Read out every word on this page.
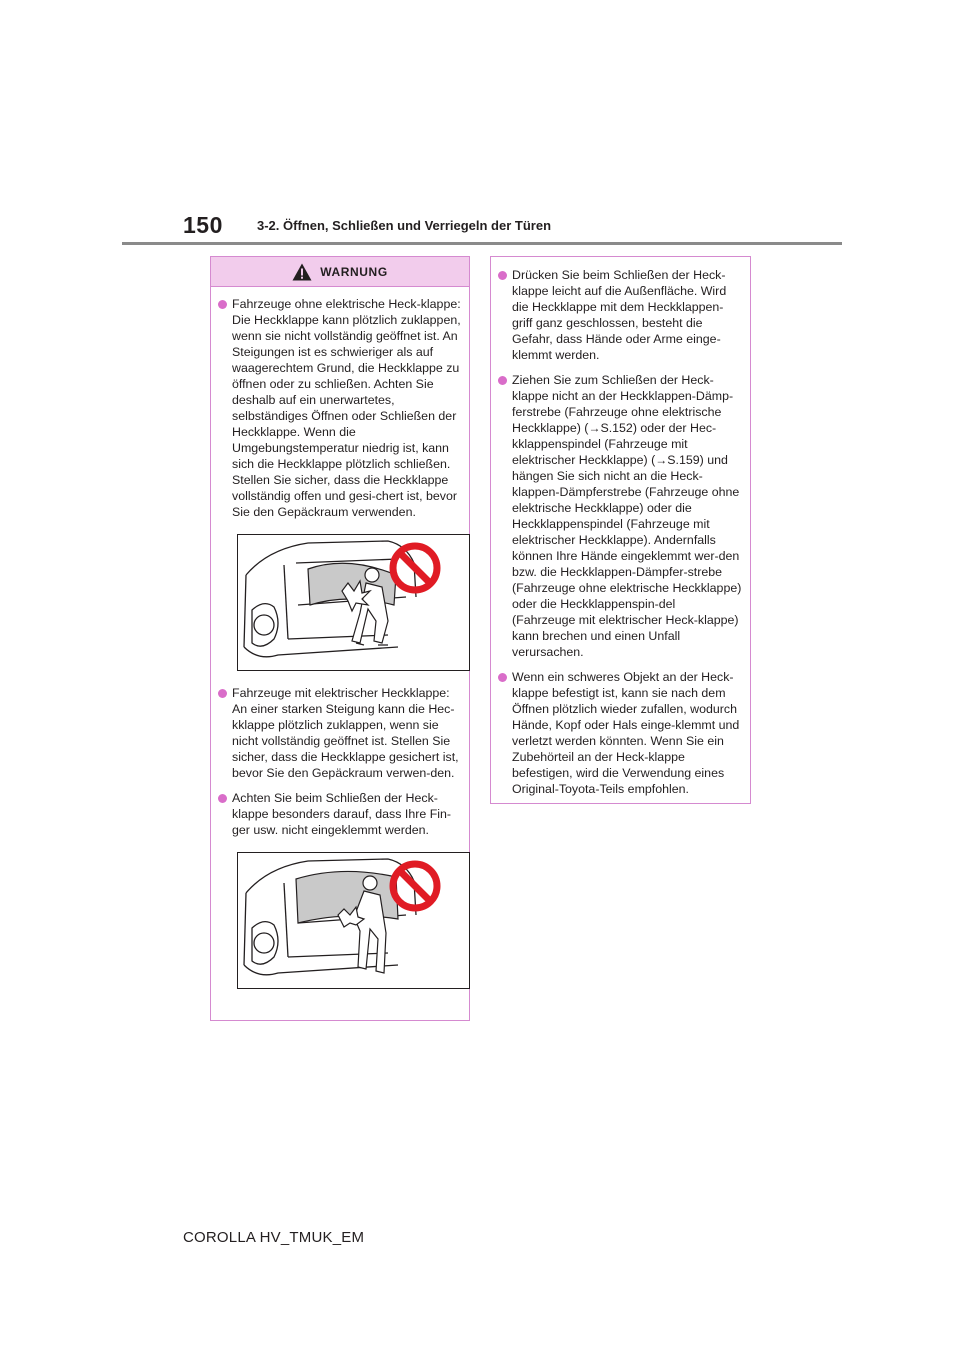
150	3-2. Öffnen, Schließen und Verriegeln der Türen
WARNUNG
Fahrzeuge ohne elektrische Heck-klappe: Die Heckklappe kann plötzlich zuklappen, wenn sie nicht vollständig geöffnet ist. An Steigungen ist es schwieriger als auf waagerechtem Grund, die Heckklappe zu öffnen oder zu schließen. Achten Sie deshalb auf ein unerwartetes, selbständiges Öffnen oder Schließen der Heckklappe. Wenn die Umgebungstemperatur niedrig ist, kann sich die Heckklappe plötzlich schließen. Stellen Sie sicher, dass die Heckklappe vollständig offen und gesi-chert ist, bevor Sie den Gepäckraum verwenden.
Fahrzeuge mit elektrischer Heckklappe: An einer starken Steigung kann die Hec-kklappe plötzlich zuklappen, wenn sie nicht vollständig geöffnet ist. Stellen Sie sicher, dass die Heckklappe gesichert ist, bevor Sie den Gepäckraum verwen-den.
Achten Sie beim Schließen der Heck-klappe besonders darauf, dass Ihre Fin-ger usw. nicht eingeklemmt werden.
Drücken Sie beim Schließen der Heck-klappe leicht auf die Außenfläche. Wird die Heckklappe mit dem Heckklappen-griff ganz geschlossen, besteht die Gefahr, dass Hände oder Arme einge-klemmt werden.
Ziehen Sie zum Schließen der Heck-klappe nicht an der Heckklappen-Dämp-ferstrebe (Fahrzeuge ohne elektrische Heckklappe) (→S.152) oder der Hec-kklappenspindel (Fahrzeuge mit elektrischer Heckklappe) (→S.159) und hängen Sie sich nicht an die Heck-klappen-Dämpferstrebe (Fahrzeuge ohne elektrische Heckklappe) oder die Heckklappenspindel (Fahrzeuge mit elektrischer Heckklappe). Andernfalls können Ihre Hände eingeklemmt wer-den bzw. die Heckklappen-Dämpfer-strebe (Fahrzeuge ohne elektrische Heckklappe) oder die Heckklappenspin-del (Fahrzeuge mit elektrischer Heck-klappe) kann brechen und einen Unfall verursachen.
Wenn ein schweres Objekt an der Heck-klappe befestigt ist, kann sie nach dem Öffnen plötzlich wieder zufallen, wodurch Hände, Kopf oder Hals einge-klemmt und verletzt werden könnten. Wenn Sie ein Zubehörteil an der Heck-klappe befestigen, wird die Verwendung eines Original-Toyota-Teils empfohlen.
COROLLA HV_TMUK_EM
